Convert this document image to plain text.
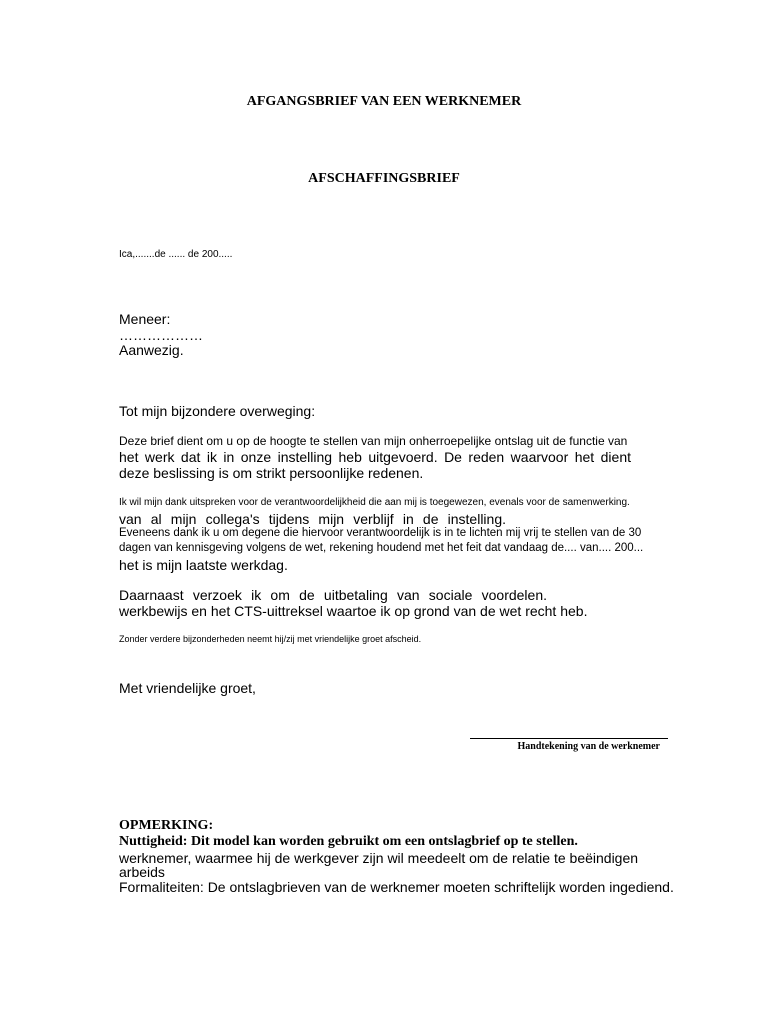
AFGANGSBRIEF VAN EEN WERKNEMER
AFSCHAFFINGSBRIEF

Ica,.......de ...... de 200.....

Meneer:

………………

Aanwezig.

Tot mijn bijzondere overweging:

Deze brief dient om u op de hoogte te stellen van mijn onherroepelijke ontslag uit de functie van

het werk dat ik in onze instelling heb uitgevoerd. De reden waarvoor het dient

deze beslissing is om strikt persoonlijke redenen.

Ik wil mijn dank uitspreken voor de verantwoordelijkheid die aan mij is toegewezen, evenals voor de samenwerking.

van al mijn collega's tijdens mijn verblijf in de instelling.

Eveneens dank ik u om degene die hiervoor verantwoordelijk is in te lichten mij vrij te stellen van de 30

dagen van kennisgeving volgens de wet, rekening houdend met het feit dat vandaag de.... van.... 200...

het is mijn laatste werkdag.

Daarnaast verzoek ik om de uitbetaling van sociale voordelen.

werkbewijs en het CTS-uittreksel waartoe ik op grond van de wet recht heb.

Zonder verdere bijzonderheden neemt hij/zij met vriendelijke groet afscheid.

Met vriendelijke groet,

Handtekening van de werknemer

OPMERKING:

Nuttigheid: Dit model kan worden gebruikt om een ontslagbrief op te stellen.

werknemer, waarmee hij de werkgever zijn wil meedeelt om de relatie te beëindigen

arbeids

Formaliteiten: De ontslagbrieven van de werknemer moeten schriftelijk worden ingediend.
